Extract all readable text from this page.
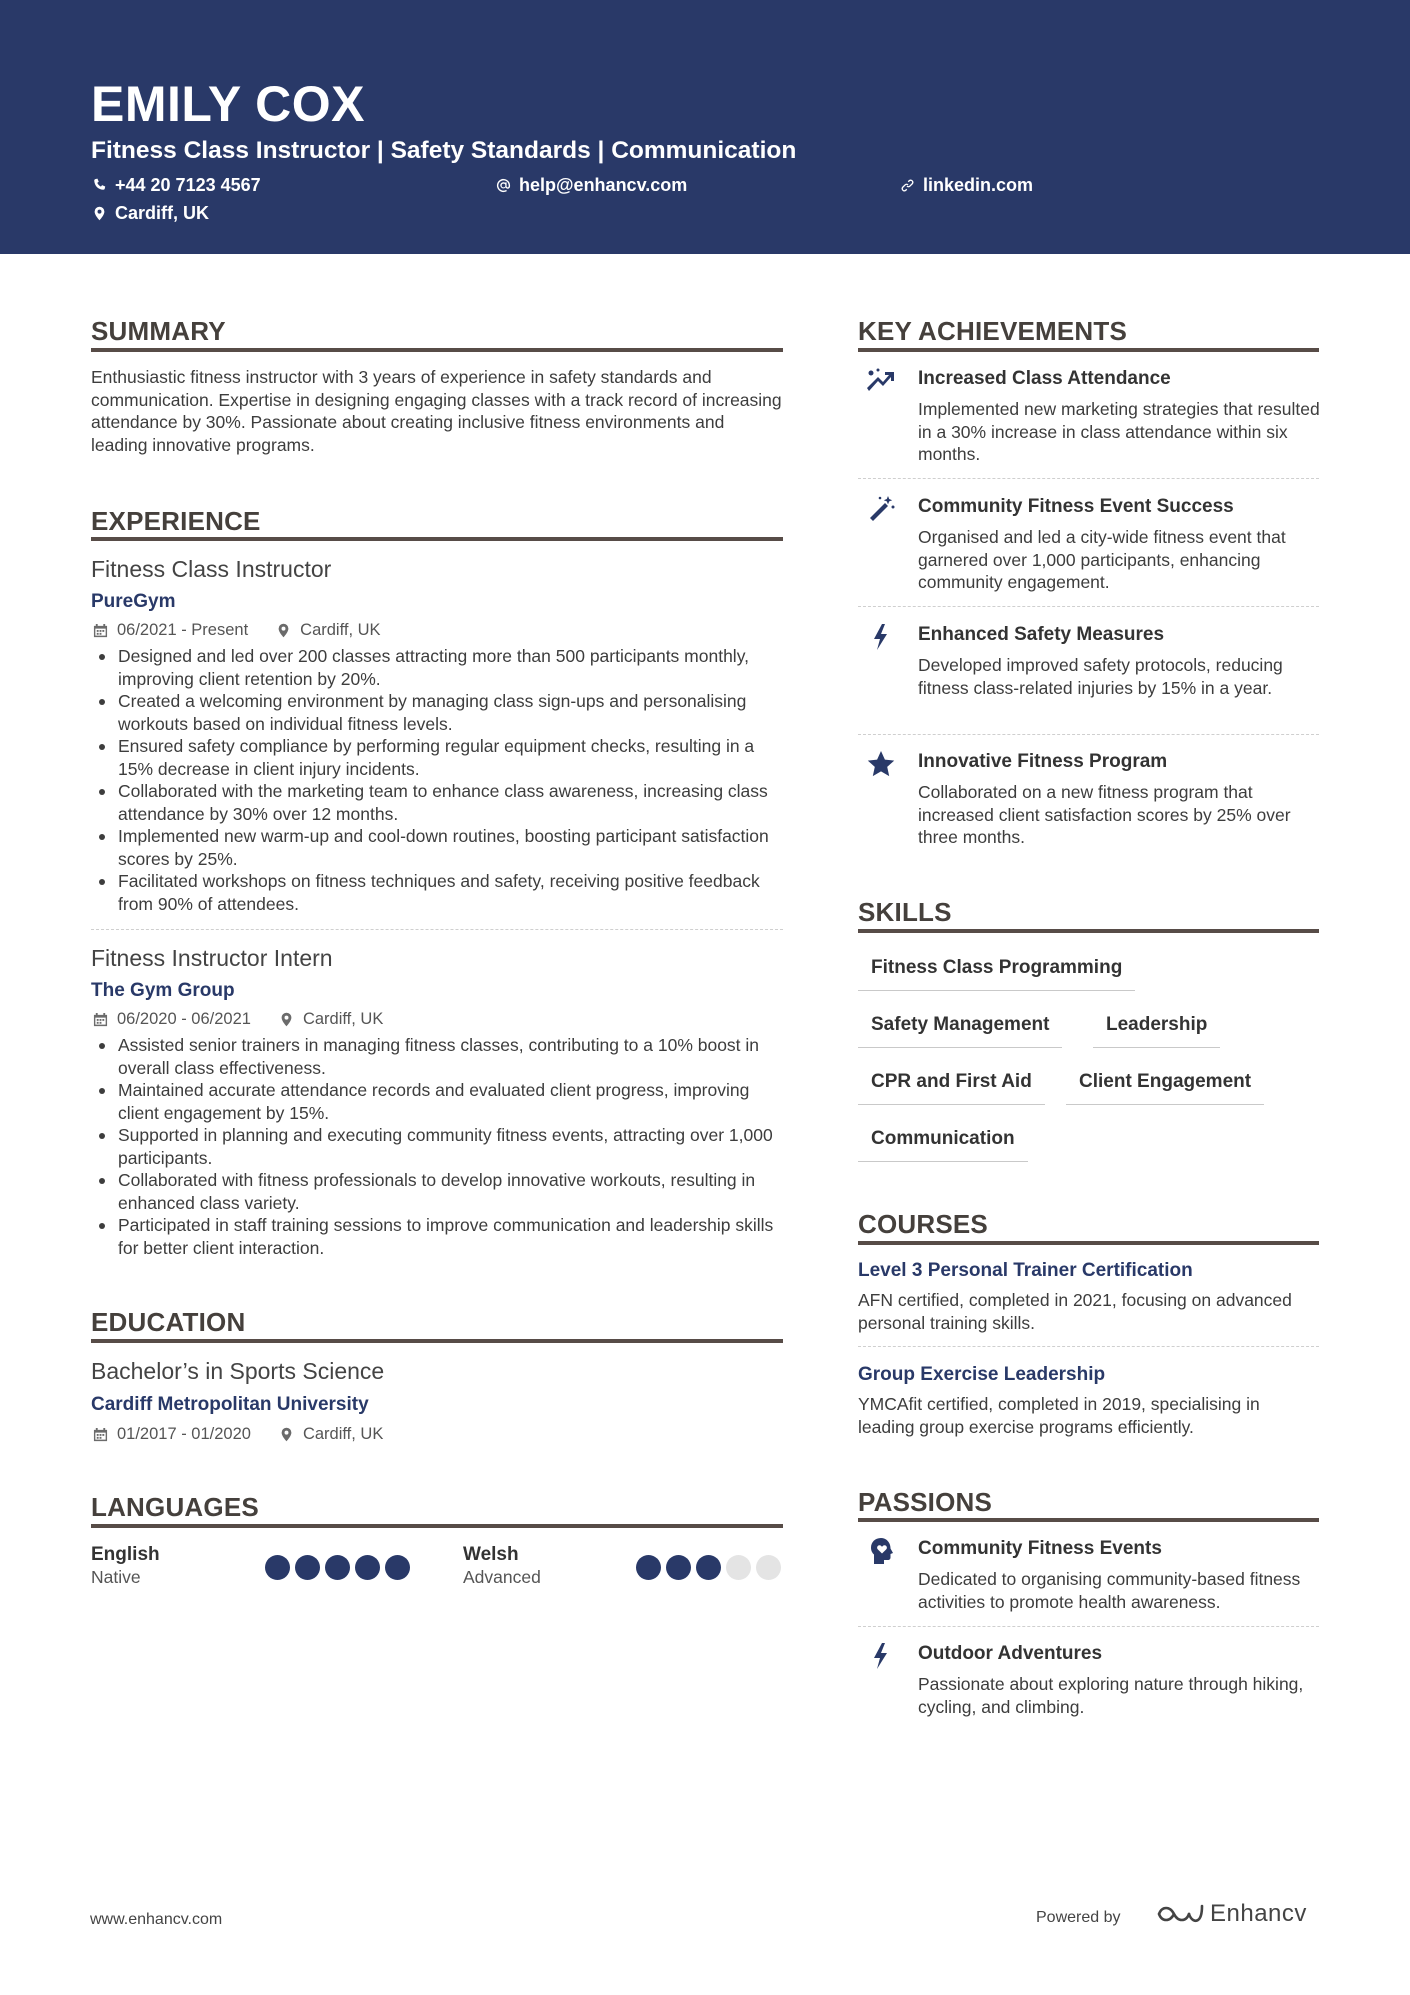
EMILY COX
Fitness Class Instructor | Safety Standards | Communication
+44 20 7123 4567	help@enhancv.com	linkedin.com
Cardiff, UK
SUMMARY
Enthusiastic fitness instructor with 3 years of experience in safety standards and communication. Expertise in designing engaging classes with a track record of increasing attendance by 30%. Passionate about creating inclusive fitness environments and leading innovative programs.
EXPERIENCE
Fitness Class Instructor
PureGym
06/2021 - Present	Cardiff, UK
Designed and led over 200 classes attracting more than 500 participants monthly, improving client retention by 20%.
Created a welcoming environment by managing class sign-ups and personalising workouts based on individual fitness levels.
Ensured safety compliance by performing regular equipment checks, resulting in a 15% decrease in client injury incidents.
Collaborated with the marketing team to enhance class awareness, increasing class attendance by 30% over 12 months.
Implemented new warm-up and cool-down routines, boosting participant satisfaction scores by 25%.
Facilitated workshops on fitness techniques and safety, receiving positive feedback from 90% of attendees.
Fitness Instructor Intern
The Gym Group
06/2020 - 06/2021	Cardiff, UK
Assisted senior trainers in managing fitness classes, contributing to a 10% boost in overall class effectiveness.
Maintained accurate attendance records and evaluated client progress, improving client engagement by 15%.
Supported in planning and executing community fitness events, attracting over 1,000 participants.
Collaborated with fitness professionals to develop innovative workouts, resulting in enhanced class variety.
Participated in staff training sessions to improve communication and leadership skills for better client interaction.
EDUCATION
Bachelor’s in Sports Science
Cardiff Metropolitan University
01/2017 - 01/2020	Cardiff, UK
LANGUAGES
English
Native
Welsh
Advanced
KEY ACHIEVEMENTS
Increased Class Attendance
Implemented new marketing strategies that resulted in a 30% increase in class attendance within six months.
Community Fitness Event Success
Organised and led a city-wide fitness event that garnered over 1,000 participants, enhancing community engagement.
Enhanced Safety Measures
Developed improved safety protocols, reducing fitness class-related injuries by 15% in a year.
Innovative Fitness Program
Collaborated on a new fitness program that increased client satisfaction scores by 25% over three months.
SKILLS
Fitness Class Programming
Safety Management	Leadership
CPR and First Aid	Client Engagement
Communication
COURSES
Level 3 Personal Trainer Certification
AFN certified, completed in 2021, focusing on advanced personal training skills.
Group Exercise Leadership
YMCAfit certified, completed in 2019, specialising in leading group exercise programs efficiently.
PASSIONS
Community Fitness Events
Dedicated to organising community-based fitness activities to promote health awareness.
Outdoor Adventures
Passionate about exploring nature through hiking, cycling, and climbing.
www.enhancv.com	Powered by	Enhancv
